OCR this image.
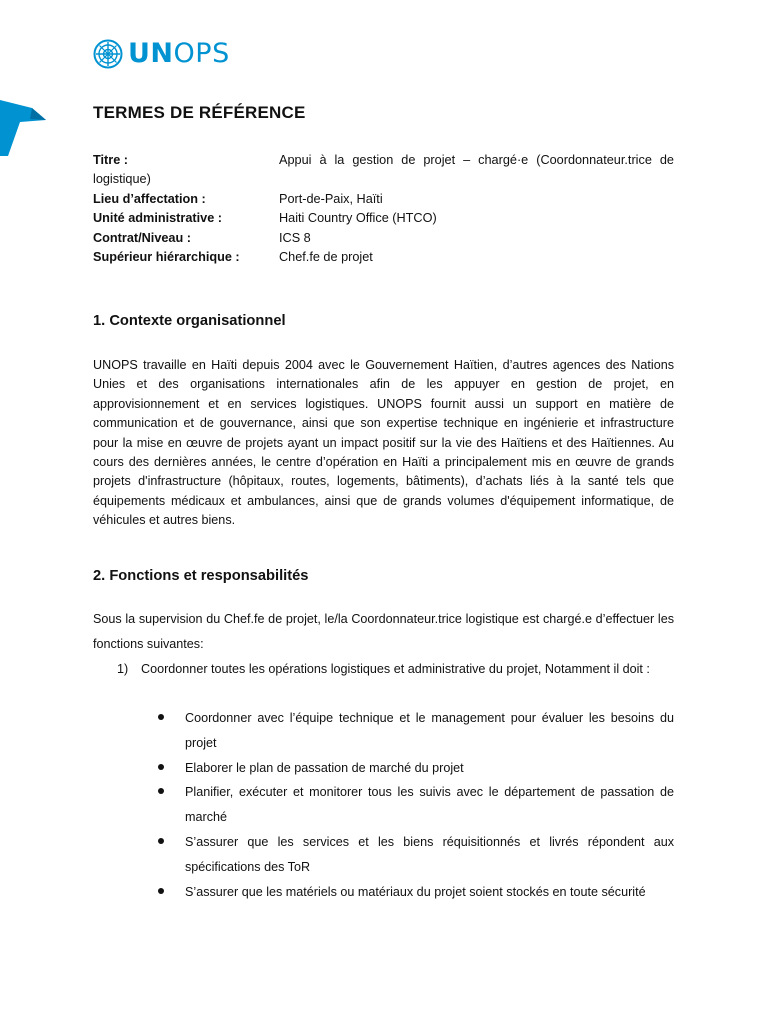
UNOPS
TERMES DE RÉFÉRENCE
Titre :	Appui à la gestion de projet – chargé·e (Coordonnateur.trice de logistique)
Lieu d’affectation :	Port-de-Paix, Haïti
Unité administrative :	Haiti Country Office (HTCO)
Contrat/Niveau :	ICS 8
Supérieur hiérarchique :	Chef.fe de projet
1. Contexte organisationnel

UNOPS travaille en Haïti depuis 2004 avec le Gouvernement Haïtien, d’autres agences des Nations Unies et des organisations internationales afin de les appuyer en gestion de projet, en approvisionnement et en services logistiques. UNOPS fournit aussi un support en matière de communication et de gouvernance, ainsi que son expertise technique en ingénierie et infrastructure pour la mise en œuvre de projets ayant un impact positif sur la vie des Haïtiens et des Haïtiennes. Au cours des dernières années, le centre d’opération en Haïti a principalement mis en œuvre de grands projets d'infrastructure (hôpitaux, routes, logements, bâtiments), d’achats liés à la santé tels que équipements médicaux et ambulances, ainsi que de grands volumes d'équipement informatique, de véhicules et autres biens.

2. Fonctions et responsabilités

Sous la supervision du Chef.fe de projet, le/la Coordonnateur.trice logistique est chargé.e d’effectuer les fonctions suivantes:

1) Coordonner toutes les opérations logistiques et administrative du projet, Notamment il doit :
Coordonner avec l’équipe technique et le management pour évaluer les besoins du projet
Elaborer le plan de passation de marché du projet
Planifier, exécuter et monitorer tous les suivis avec le département de passation de marché
S’assurer que les services et les biens réquisitionnés et livrés répondent aux spécifications des ToR
S’assurer que les matériels ou matériaux du projet soient stockés en toute sécurité
